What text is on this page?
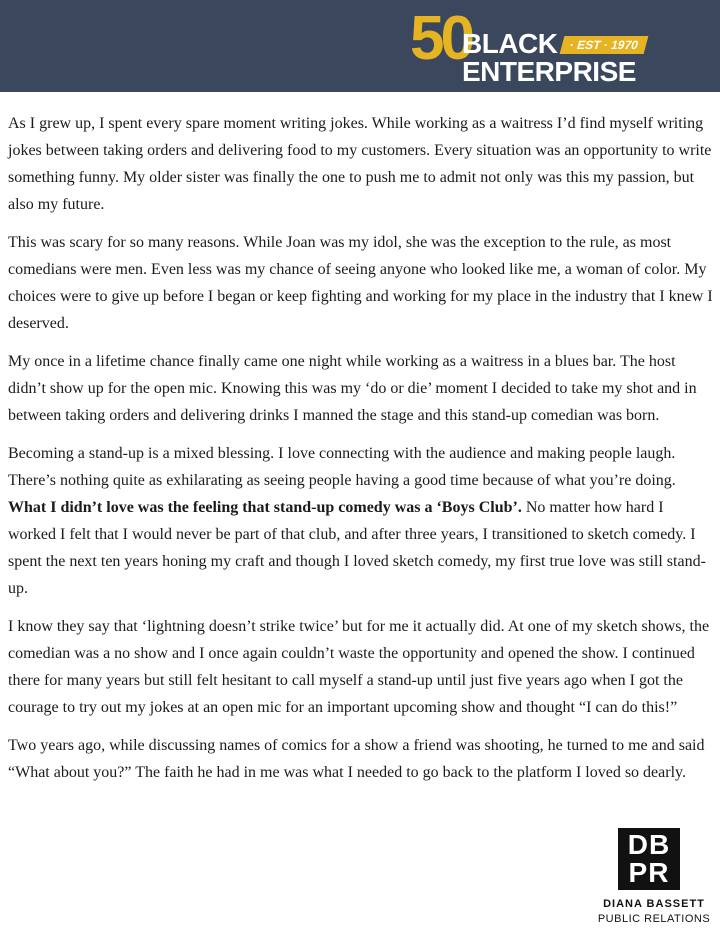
50
BLACK · EST · 1970
ENTERPRISE

As I grew up, I spent every spare moment writing jokes. While working as a waitress I’d find myself writing jokes between taking orders and delivering food to my customers. Every situation was an opportunity to write something funny. My older sister was finally the one to push me to admit not only was this my passion, but also my future.

This was scary for so many reasons. While Joan was my idol, she was the exception to the rule, as most comedians were men. Even less was my chance of seeing anyone who looked like me, a woman of color. My choices were to give up before I began or keep fighting and working for my place in the industry that I knew I deserved.

My once in a lifetime chance finally came one night while working as a waitress in a blues bar. The host didn’t show up for the open mic. Knowing this was my ‘do or die’ moment I decided to take my shot and in between taking orders and delivering drinks I manned the stage and this stand-up comedian was born.

Becoming a stand-up is a mixed blessing. I love connecting with the audience and making people laugh. There’s nothing quite as exhilarating as seeing people having a good time because of what you’re doing. What I didn’t love was the feeling that stand-up comedy was a ‘Boys Club’. No matter how hard I worked I felt that I would never be part of that club, and after three years, I transitioned to sketch comedy. I spent the next ten years honing my craft and though I loved sketch comedy, my first true love was still stand-up.

I know they say that ‘lightning doesn’t strike twice’ but for me it actually did. At one of my sketch shows, the comedian was a no show and I once again couldn’t waste the opportunity and opened the show. I continued there for many years but still felt hesitant to call myself a stand-up until just five years ago when I got the courage to try out my jokes at an open mic for an important upcoming show and thought “I can do this!”

Two years ago, while discussing names of comics for a show a friend was shooting, he turned to me and said “What about you?” The faith he had in me was what I needed to go back to the platform I loved so dearly.

DB
PR
DIANA BASSETT
PUBLIC RELATIONS
